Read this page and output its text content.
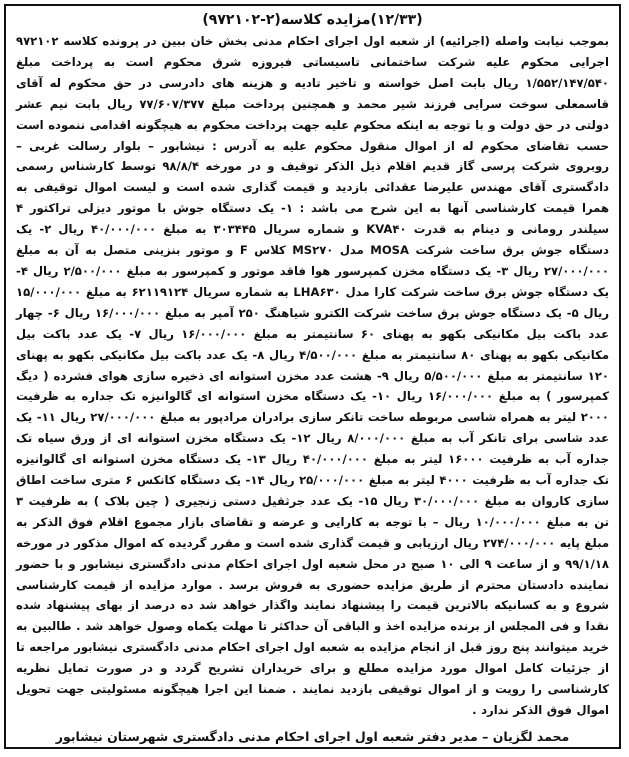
(۱۲/۳۳)مزایده کلاسه(۲-۹۷۲۱۰۲)

بموجب نیابت واصله (اجرائیه) از شعبه اول اجرای احکام مدنی بخش خان ببین در پرونده کلاسه ۹۷۲۱۰۲ اجرایی محکوم علیه شرکت ساختمانی تاسیساتی فیروزه شرق محکوم است به پرداخت مبلغ ۱/۵۵۲/۱۴۷/۵۴۰ ریال بابت اصل خواسته و تاخیر تادیه و هزینه های دادرسی در حق محکوم له آقای قاسمعلی سوخت سرایی فرزند شیر محمد و همچنین پرداخت مبلغ ۷۷/۶۰۷/۳۷۷ ریال بابت نیم عشر دولتی در حق دولت و با توجه به اینکه محکوم علیه جهت پرداخت محکوم به هیچگونه اقدامی ننموده است حسب تقاضای محکوم له از اموال منقول محکوم علیه به آدرس : نیشابور – بلوار رسالت غربی – روبروی شرکت پرسی گاز قدیم اقلام ذیل الذکر توقیف و در مورخه ۹۸/۸/۴ توسط کارشناس رسمی دادگستری آقای مهندس علیرضا عقدائی بازدید و قیمت گذاری شده است و لیست اموال توقیفی به همرا قیمت کارشناسی آنها به این شرح می باشد : ۱- یک دستگاه جوش با موتور دیزلی تراکتور ۴ سیلندر رومانی و دینام به قدرت KVA۴۰ و شماره سریال ۳۰۳۴۴۵ به مبلغ ۴۰/۰۰۰/۰۰۰ ریال ۲- یک دستگاه جوش برق ساخت شرکت MOSA مدل MS۲۷۰ کلاس F و موتور بنزینی متصل به آن به مبلغ ۲۷/۰۰۰/۰۰۰ ریال ۳- یک دستگاه مخزن کمپرسور هوا فاقد موتور و کمپرسور به مبلغ ۲/۵۰۰/۰۰۰ ریال ۴- یک دستگاه جوش برق ساخت شرکت کارا مدل LHA۶۳۰ به شماره سریال ۶۲۱۱۹۱۲۴ به مبلغ ۱۵/۰۰۰/۰۰۰ ریال ۵- یک دستگاه جوش برق ساخت شرکت الکترو شیاهنگ ۲۵۰ آمپر به مبلغ ۱۶/۰۰۰/۰۰۰ ریال ۶- چهار عدد باکت بیل مکانیکی بکهو به پهنای ۶۰ سانتیمتر به مبلغ ۱۶/۰۰۰/۰۰۰ ریال ۷- یک عدد باکت بیل مکانیکی بکهو به پهنای ۸۰ سانتیمتر به مبلغ ۴/۵۰۰/۰۰۰ ریال ۸- یک عدد باکت بیل مکانیکی بکهو به پهنای ۱۲۰ سانتیمتر به مبلغ ۵/۵۰۰/۰۰۰ ریال ۹- هشت عدد مخزن استوانه ای ذخیره سازی هوای فشرده ( دیگ کمپرسور ) به مبلغ ۱۶/۰۰۰/۰۰۰ ریال ۱۰- یک دستگاه مخزن استوانه ای گالوانیزه تک جداره به ظرفیت ۲۰۰۰ لیتر به همراه شاسی مربوطه ساخت تانکر سازی برادران مرادپور به مبلغ ۲۷/۰۰۰/۰۰۰ ریال ۱۱- یک عدد شاسی برای تانکر آب به مبلغ ۸/۰۰۰/۰۰۰ ریال ۱۲- یک دستگاه مخزن استوانه ای از ورق سیاه تک جداره آب به ظرفیت ۱۶۰۰۰ لیتر به مبلغ ۴۰/۰۰۰/۰۰۰ ریال ۱۳- یک دستگاه مخزن استوانه ای گالوانیزه تک جداره آب به ظرفیت ۴۰۰۰ لیتر به مبلغ ۲۵/۰۰۰/۰۰۰ ریال ۱۴- یک دستگاه کانکس ۶ متری ساخت اطاق سازی کاروان به مبلغ ۳۰/۰۰۰/۰۰۰ ریال ۱۵- یک عدد جرثقیل دستی زنجیری ( چین بلاک ) به ظرفیت ۳ تن به مبلغ ۱۰/۰۰۰/۰۰۰ ریال – با توجه به کارایی و عرضه و تقاضای بازار مجموع اقلام فوق الذکر به مبلغ پایه ۲۷۴/۰۰۰/۰۰۰ ریال ارزیابی و قیمت گذاری شده است و مقرر گردیده که اموال مذکور در مورخه ۹۹/۱/۱۸ و از ساعت ۹ الی ۱۰ صبح در محل شعبه اول اجرای احکام مدنی دادگستری نیشابور و با حضور نماینده دادستان محترم از طریق مزایده حضوری به فروش برسد . موارد مزایده از قیمت کارشناسی شروع و به کسانیکه بالاترین قیمت را پیشنهاد نمایند واگذار خواهد شد ده درصد از بهای پیشنهاد شده نقدا و فی المجلس از برنده مزایده اخذ و الباقی آن حداکثر تا مهلت یکماه وصول خواهد شد . طالبین به خرید میتوانند پنج روز قبل از انجام مزایده به شعبه اول اجرای احکام مدنی دادگستری نیشابور مراجعه تا از جزئیات کامل اموال مورد مزایده مطلع و برای خریداران تشریح گردد و در صورت تمایل نظریه کارشناسی را رویت و از اموال توقیفی بازدید نمایند . ضمنا این اجرا هیچگونه مسئولیتی جهت تحویل اموال فوق الذکر ندارد .

محمد لگزیان – مدیر دفتر شعبه اول اجرای احکام مدنی دادگستری شهرستان نیشابور
